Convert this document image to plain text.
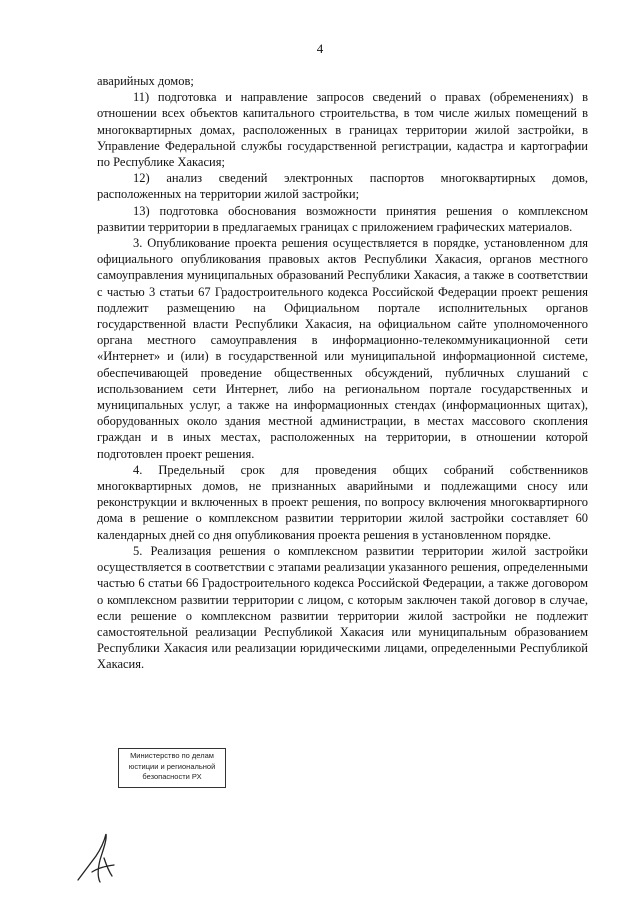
4

аварийных домов;

11) подготовка и направление запросов сведений о правах (обременениях) в отношении всех объектов капитального строительства, в том числе жилых помещений в многоквартирных домах, расположенных в границах территории жилой застройки, в Управление Федеральной службы государственной регистрации, кадастра и картографии по Республике Хакасия;

12) анализ сведений электронных паспортов многоквартирных домов, расположенных на территории жилой застройки;

13) подготовка обоснования возможности принятия решения о комплексном развитии территории в предлагаемых границах с приложением графических материалов.

3. Опубликование проекта решения осуществляется в порядке, установленном для официального опубликования правовых актов Республики Хакасия, органов местного самоуправления муниципальных образований Республики Хакасия, а также в соответствии с частью 3 статьи 67 Градостроительного кодекса Российской Федерации проект решения подлежит размещению на Официальном портале исполнительных органов государственной власти Республики Хакасия, на официальном сайте уполномоченного органа местного самоуправления в информационно-телекоммуникационной сети «Интернет» и (или) в государственной или муниципальной информационной системе, обеспечивающей проведение общественных обсуждений, публичных слушаний с использованием сети Интернет, либо на региональном портале государственных и муниципальных услуг, а также на информационных стендах (информационных щитах), оборудованных около здания местной администрации, в местах массового скопления граждан и в иных местах, расположенных на территории, в отношении которой подготовлен проект решения.

4. Предельный срок для проведения общих собраний собственников многоквартирных домов, не признанных аварийными и подлежащими сносу или реконструкции и включенных в проект решения, по вопросу включения многоквартирного дома в решение о комплексном развитии территории жилой застройки составляет 60 календарных дней со дня опубликования проекта решения в установленном порядке.

5. Реализация решения о комплексном развитии территории жилой застройки осуществляется в соответствии с этапами реализации указанного решения, определенными частью 6 статьи 66 Градостроительного кодекса Российской Федерации, а также договором о комплексном развитии территории с лицом, с которым заключен такой договор в случае, если решение о комплексном развитии территории жилой застройки не подлежит самостоятельной реализации Республикой Хакасия или муниципальным образованием Республики Хакасия или реализации юридическими лицами, определенными Республикой Хакасия.

Министерство по делам
юстиции и региональной
безопасности РХ
